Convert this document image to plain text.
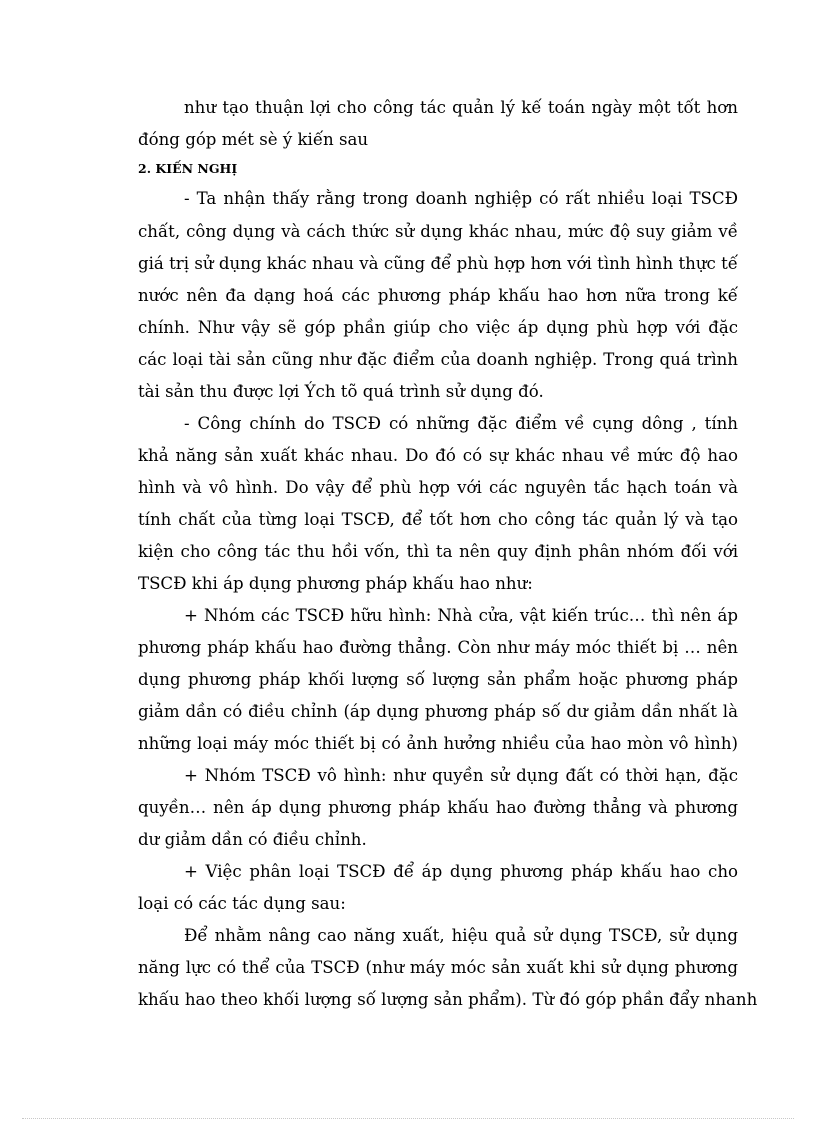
như tạo thuận lợi cho công tác quản lý kế toán ngày một tốt hơn
đóng góp mét sè ý kiến sau
2. KIẾN NGHỊ
- Ta nhận thấy rằng trong doanh nghiệp có rất nhiều loại TSCĐ
chất, công dụng và cách thức sử dụng khác nhau, mức độ suy giảm về
giá trị sử dụng khác nhau và cũng để phù hợp hơn với tình hình thực tế
nước nên đa dạng hoá các phương pháp khấu hao hơn nữa trong kế
chính. Như vậy sẽ góp phần giúp cho việc áp dụng phù hợp với đặc
các loại tài sản cũng như đặc điểm của doanh nghiệp. Trong quá trình
tài sản thu được lợi Ých tõ quá trình sử dụng đó.
- Công chính do TSCĐ có những đặc điểm về cụng dông , tính
khả năng sản xuất khác nhau. Do đó có sự khác nhau về mức độ hao
hình và vô hình. Do vậy để phù hợp với các nguyên tắc hạch toán và
tính chất của từng loại TSCĐ, để tốt hơn cho công tác quản lý và tạo
kiện cho công tác thu hồi vốn, thì ta nên quy định phân nhóm đối với
TSCĐ khi áp dụng phương pháp khấu hao như:
+ Nhóm các TSCĐ hữu hình: Nhà cửa, vật kiến trúc… thì nên áp
phương pháp khấu hao đường thẳng. Còn như máy móc thiết bị … nên
dụng phương pháp khối lượng số lượng sản phẩm hoặc phương pháp
giảm dần có điều chỉnh (áp dụng phương pháp số dư giảm dần nhất là
những loại máy móc thiết bị có ảnh hưởng nhiều của hao mòn vô hình)
+ Nhóm TSCĐ vô hình: như quyền sử dụng đất có thời hạn, đặc
quyền… nên áp dụng phương pháp khấu hao đường thẳng và phương
dư giảm dần có điều chỉnh.
+ Việc phân loại TSCĐ để áp dụng phương pháp khấu hao cho
loại có các tác dụng sau:
Để nhằm nâng cao năng xuất, hiệu quả sử dụng TSCĐ, sử dụng
năng lực có thể của TSCĐ (như máy móc sản xuất khi sử dụng phương
khấu hao theo khối lượng số lượng sản phẩm). Từ đó góp phần đẩy nhanh
